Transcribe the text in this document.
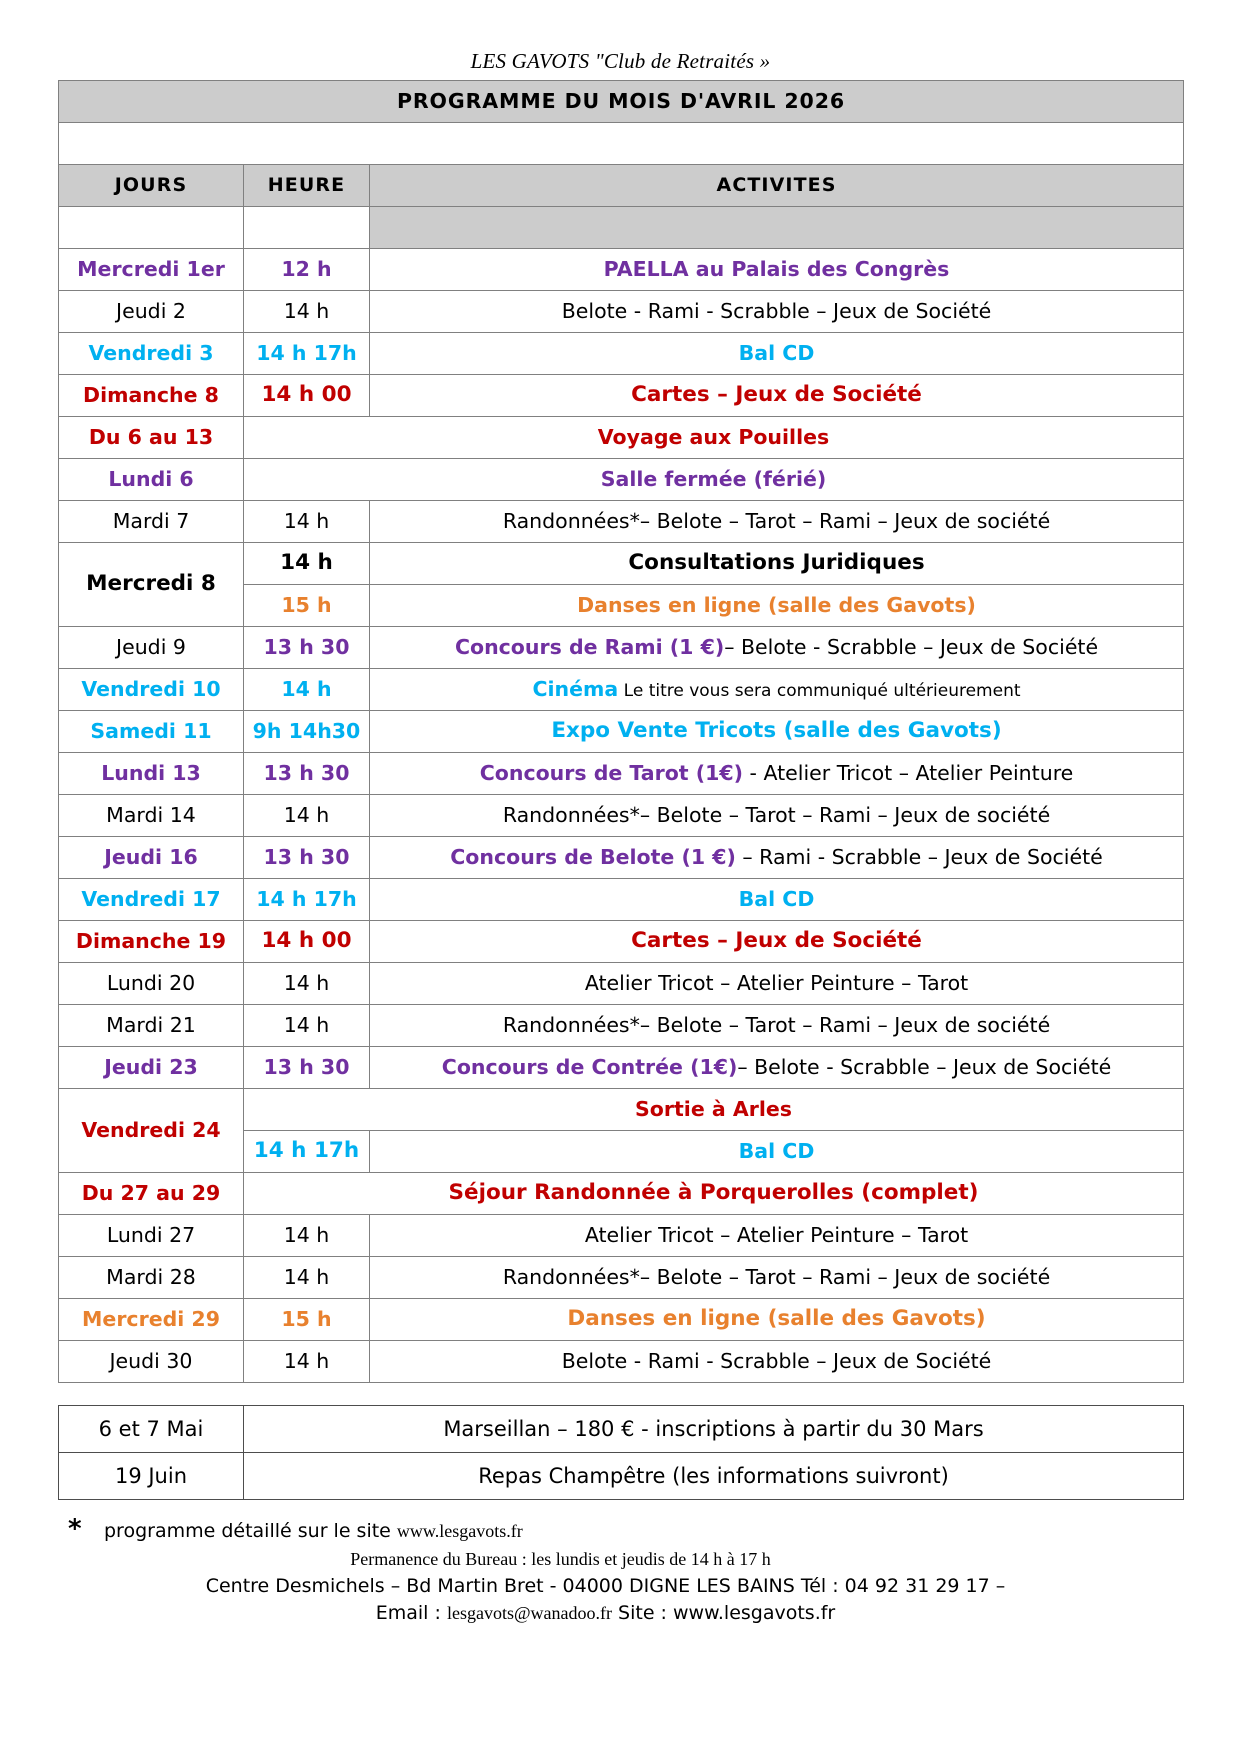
LES GAVOTS "Club de Retraités »
PROGRAMME DU MOIS D'AVRIL 2026		

JOURS	HEURE	ACTIVITES

Mercredi 1er	12 h	PAELLA au Palais des Congrès
Jeudi 2	14 h	Belote - Rami - Scrabble – Jeux de Société
Vendredi 3	14 h 17h	Bal CD
Dimanche 8	14 h 00	Cartes – Jeux de Société
Du 6 au 13	Voyage aux Pouilles	
Lundi 6	Salle fermée (férié)	
Mardi 7	14 h	Randonnées*– Belote – Tarot – Rami – Jeux de société
Mercredi 8	14 h	Consultations Juridiques
	15 h	Danses en ligne (salle des Gavots)
Jeudi 9	13 h 30	Concours de Rami (1 €)– Belote - Scrabble – Jeux de Société
Vendredi 10	14 h	Cinéma Le titre vous sera communiqué ultérieurement
Samedi 11	9h 14h30	Expo Vente Tricots (salle des Gavots)
Lundi 13	13 h 30	Concours de Tarot (1€) - Atelier Tricot – Atelier Peinture
Mardi 14	14 h	Randonnées*– Belote – Tarot – Rami – Jeux de société
Jeudi 16	13 h 30	Concours de Belote (1 €) – Rami - Scrabble – Jeux de Société
Vendredi 17	14 h 17h	Bal CD
Dimanche 19	14 h 00	Cartes – Jeux de Société
Lundi 20	14 h	Atelier Tricot – Atelier Peinture – Tarot
Mardi 21	14 h	Randonnées*– Belote – Tarot – Rami – Jeux de société
Jeudi 23	13 h 30	Concours de Contrée (1€)– Belote - Scrabble – Jeux de Société
Vendredi 24	Sortie à Arles	
	14 h 17h	Bal CD
Du 27 au 29	Séjour Randonnée à Porquerolles (complet)	
Lundi 27	14 h	Atelier Tricot – Atelier Peinture – Tarot
Mardi 28	14 h	Randonnées*– Belote – Tarot – Rami – Jeux de société
Mercredi 29	15 h	Danses en ligne (salle des Gavots)
Jeudi 30	14 h	Belote - Rami - Scrabble – Jeux de Société
6 et 7 Mai	Marseillan – 180 € - inscriptions à partir du 30 Mars
19 Juin	Repas Champêtre (les informations suivront)
*	programme détaillé sur le site www.lesgavots.fr
Permanence du Bureau : les lundis et jeudis de 14 h à 17 h
Centre Desmichels – Bd Martin Bret - 04000 DIGNE LES BAINS Tél : 04 92 31 29 17 –
Email : lesgavots@wanadoo.fr Site : www.lesgavots.fr
